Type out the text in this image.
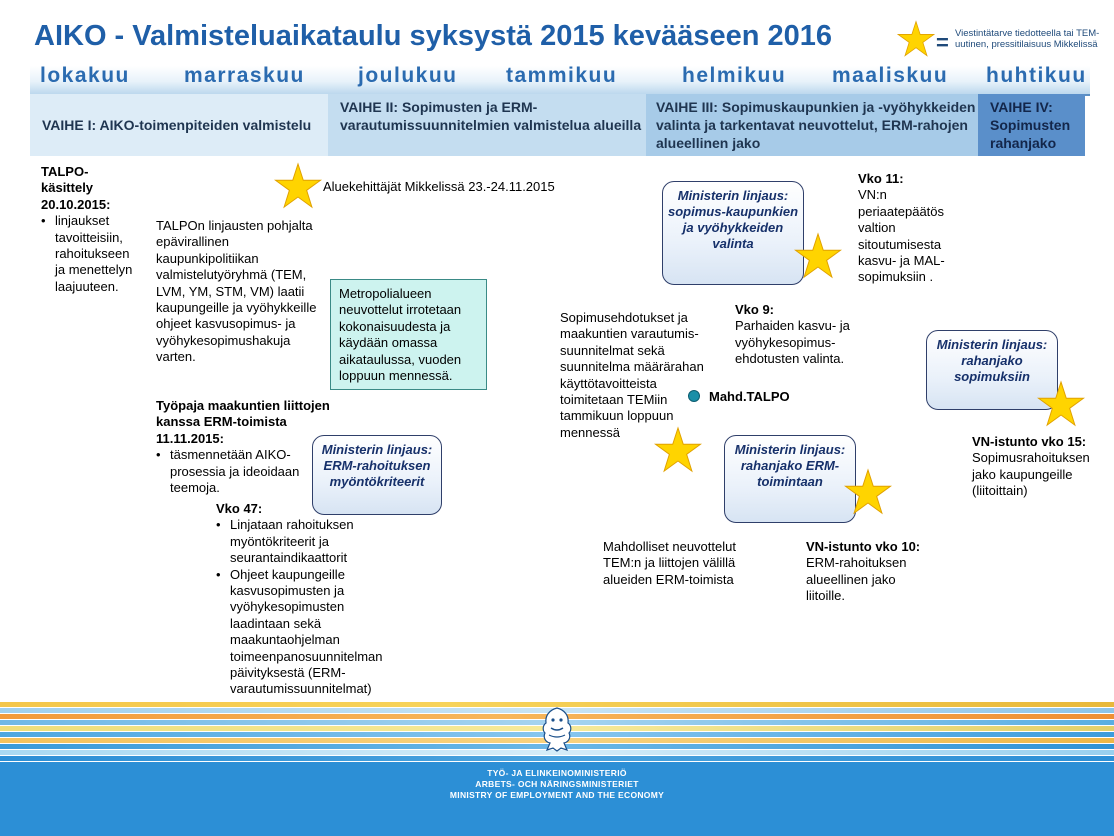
AIKO - Valmisteluaikataulu syksystä 2015 kevääseen 2016	= Viestintätarve tiedotteella tai TEM-uutinen, pressitilaisuus Mikkelissä
lokakuu	marraskuu	joulukuu tammikuu	helmikuu maaliskuu huhtikuu
VAIHE I: AIKO-toimenpiteiden valmistelu
VAIHE II: Sopimusten ja ERM-varautumissuunnitelmien valmistelua alueilla
VAIHE III: Sopimuskaupunkien ja -vyöhykkeiden valinta ja tarkentavat neuvottelut, ERM-rahojen alueellinen jako
VAIHE IV: Sopimusten rahanjako
TALPO-käsittely 20.10.2015:
• linjaukset tavoitteisiin, rahoitukseen ja menettelyn laajuuteen.
Aluekehittäjät Mikkelissä 23.-24.11.2015
TALPOn linjausten pohjalta epävirallinen kaupunkipolitiikan valmistelutyöryhmä (TEM, LVM, YM, STM, VM) laatii kaupungeille ja vyöhykkeille ohjeet kasvusopimus- ja vyöhykesopimushakuja varten.
Metropolialueen neuvottelut irrotetaan kokonaisuudesta ja käydään omassa aikataulussa, vuoden loppuun mennessä.
Työpaja maakuntien liittojen kanssa ERM-toimista 11.11.2015:
• täsmennetään AIKO-prosessia ja ideoidaan teemoja.
Ministerin linjaus: ERM-rahoituksen myöntökriteerit
Vko 47:
• Linjataan rahoituksen myöntökriteerit ja seurantaindikaattorit
• Ohjeet kaupungeille kasvusopimusten ja vyöhykesopimusten laadintaan sekä maakuntaohjelman toimeenpanosuunnitelman päivityksestä (ERM-varautumissuunnitelmat)
Ministerin linjaus: sopimus-kaupunkien ja vyöhykkeiden valinta
Vko 11:
VN:n periaatepäätös valtion sitoutumisesta kasvu- ja MAL-sopimuksiin .
Sopimusehdotukset ja maakuntien varautumis-suunnitelmat sekä suunnitelma määrärahan käyttötavoitteista toimitetaan TEMiin tammikuun loppuun mennessä
Vko 9:
Parhaiden kasvu- ja vyöhykesopimus-ehdotusten valinta.
Mahd.TALPO
Ministerin linjaus: rahanjako ERM-toimintaan
Ministerin linjaus: rahanjako sopimuksiin
VN-istunto vko 15:
Sopimusrahoituksen jako kaupungeille (liitoittain)
Mahdolliset neuvottelut TEM:n ja liittojen välillä alueiden ERM-toimista
VN-istunto vko 10:
ERM-rahoituksen alueellinen jako liitoille.
TYÖ- JA ELINKEINOMINISTERIÖ
ARBETS- OCH NÄRINGSMINISTERIET
MINISTRY OF EMPLOYMENT AND THE ECONOMY
